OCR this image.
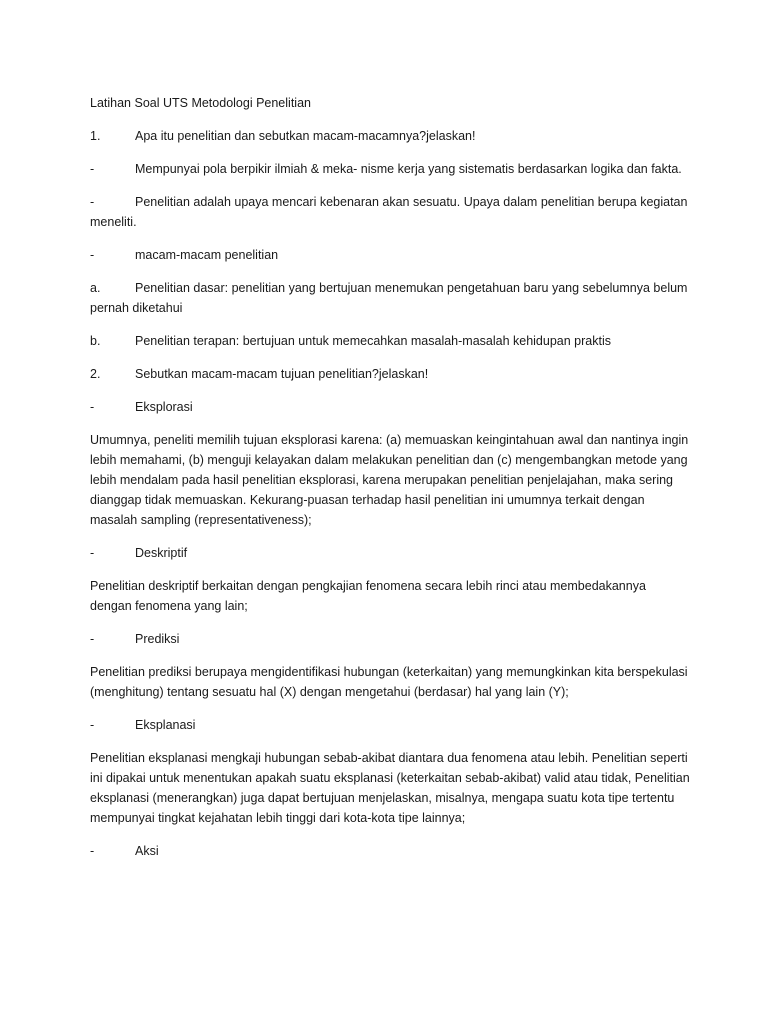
Latihan Soal UTS Metodologi Penelitian

1.	Apa itu penelitian dan sebutkan macam-macamnya?jelaskan!
-	Mempunyai pola berpikir ilmiah & meka- nisme kerja yang sistematis berdasarkan logika dan fakta.
-	Penelitian adalah upaya mencari kebenaran akan sesuatu. Upaya dalam penelitian berupa kegiatan meneliti.
-	macam-macam penelitian
a.	Penelitian dasar: penelitian yang bertujuan menemukan pengetahuan baru yang sebelumnya belum pernah diketahui
b.	Penelitian terapan: bertujuan untuk memecahkan masalah-masalah kehidupan praktis
2.	Sebutkan macam-macam tujuan penelitian?jelaskan!
-	Eksplorasi

Umumnya, peneliti memilih tujuan eksplorasi karena: (a) memuaskan keingintahuan awal dan nantinya ingin lebih memahami, (b) menguji kelayakan dalam melakukan penelitian dan (c) mengembangkan metode yang lebih mendalam pada hasil penelitian eksplorasi, karena merupakan penelitian penjelajahan, maka sering dianggap tidak memuaskan. Kekurang-puasan terhadap hasil penelitian ini umumnya terkait dengan masalah sampling (representativeness);

-	Deskriptif

Penelitian deskriptif berkaitan dengan pengkajian fenomena secara lebih rinci atau membedakannya dengan fenomena yang lain;

-	Prediksi

Penelitian prediksi berupaya mengidentifikasi hubungan (keterkaitan) yang memungkinkan kita berspekulasi (menghitung) tentang sesuatu hal (X) dengan mengetahui (berdasar) hal yang lain (Y);

-	Eksplanasi

Penelitian eksplanasi mengkaji hubungan sebab-akibat diantara dua fenomena atau lebih. Penelitian seperti ini dipakai untuk menentukan apakah suatu eksplanasi (keterkaitan sebab-akibat) valid atau tidak, Penelitian eksplanasi (menerangkan) juga dapat bertujuan menjelaskan, misalnya, mengapa suatu kota tipe tertentu mempunyai tingkat kejahatan lebih tinggi dari kota-kota tipe lainnya;

-	Aksi
